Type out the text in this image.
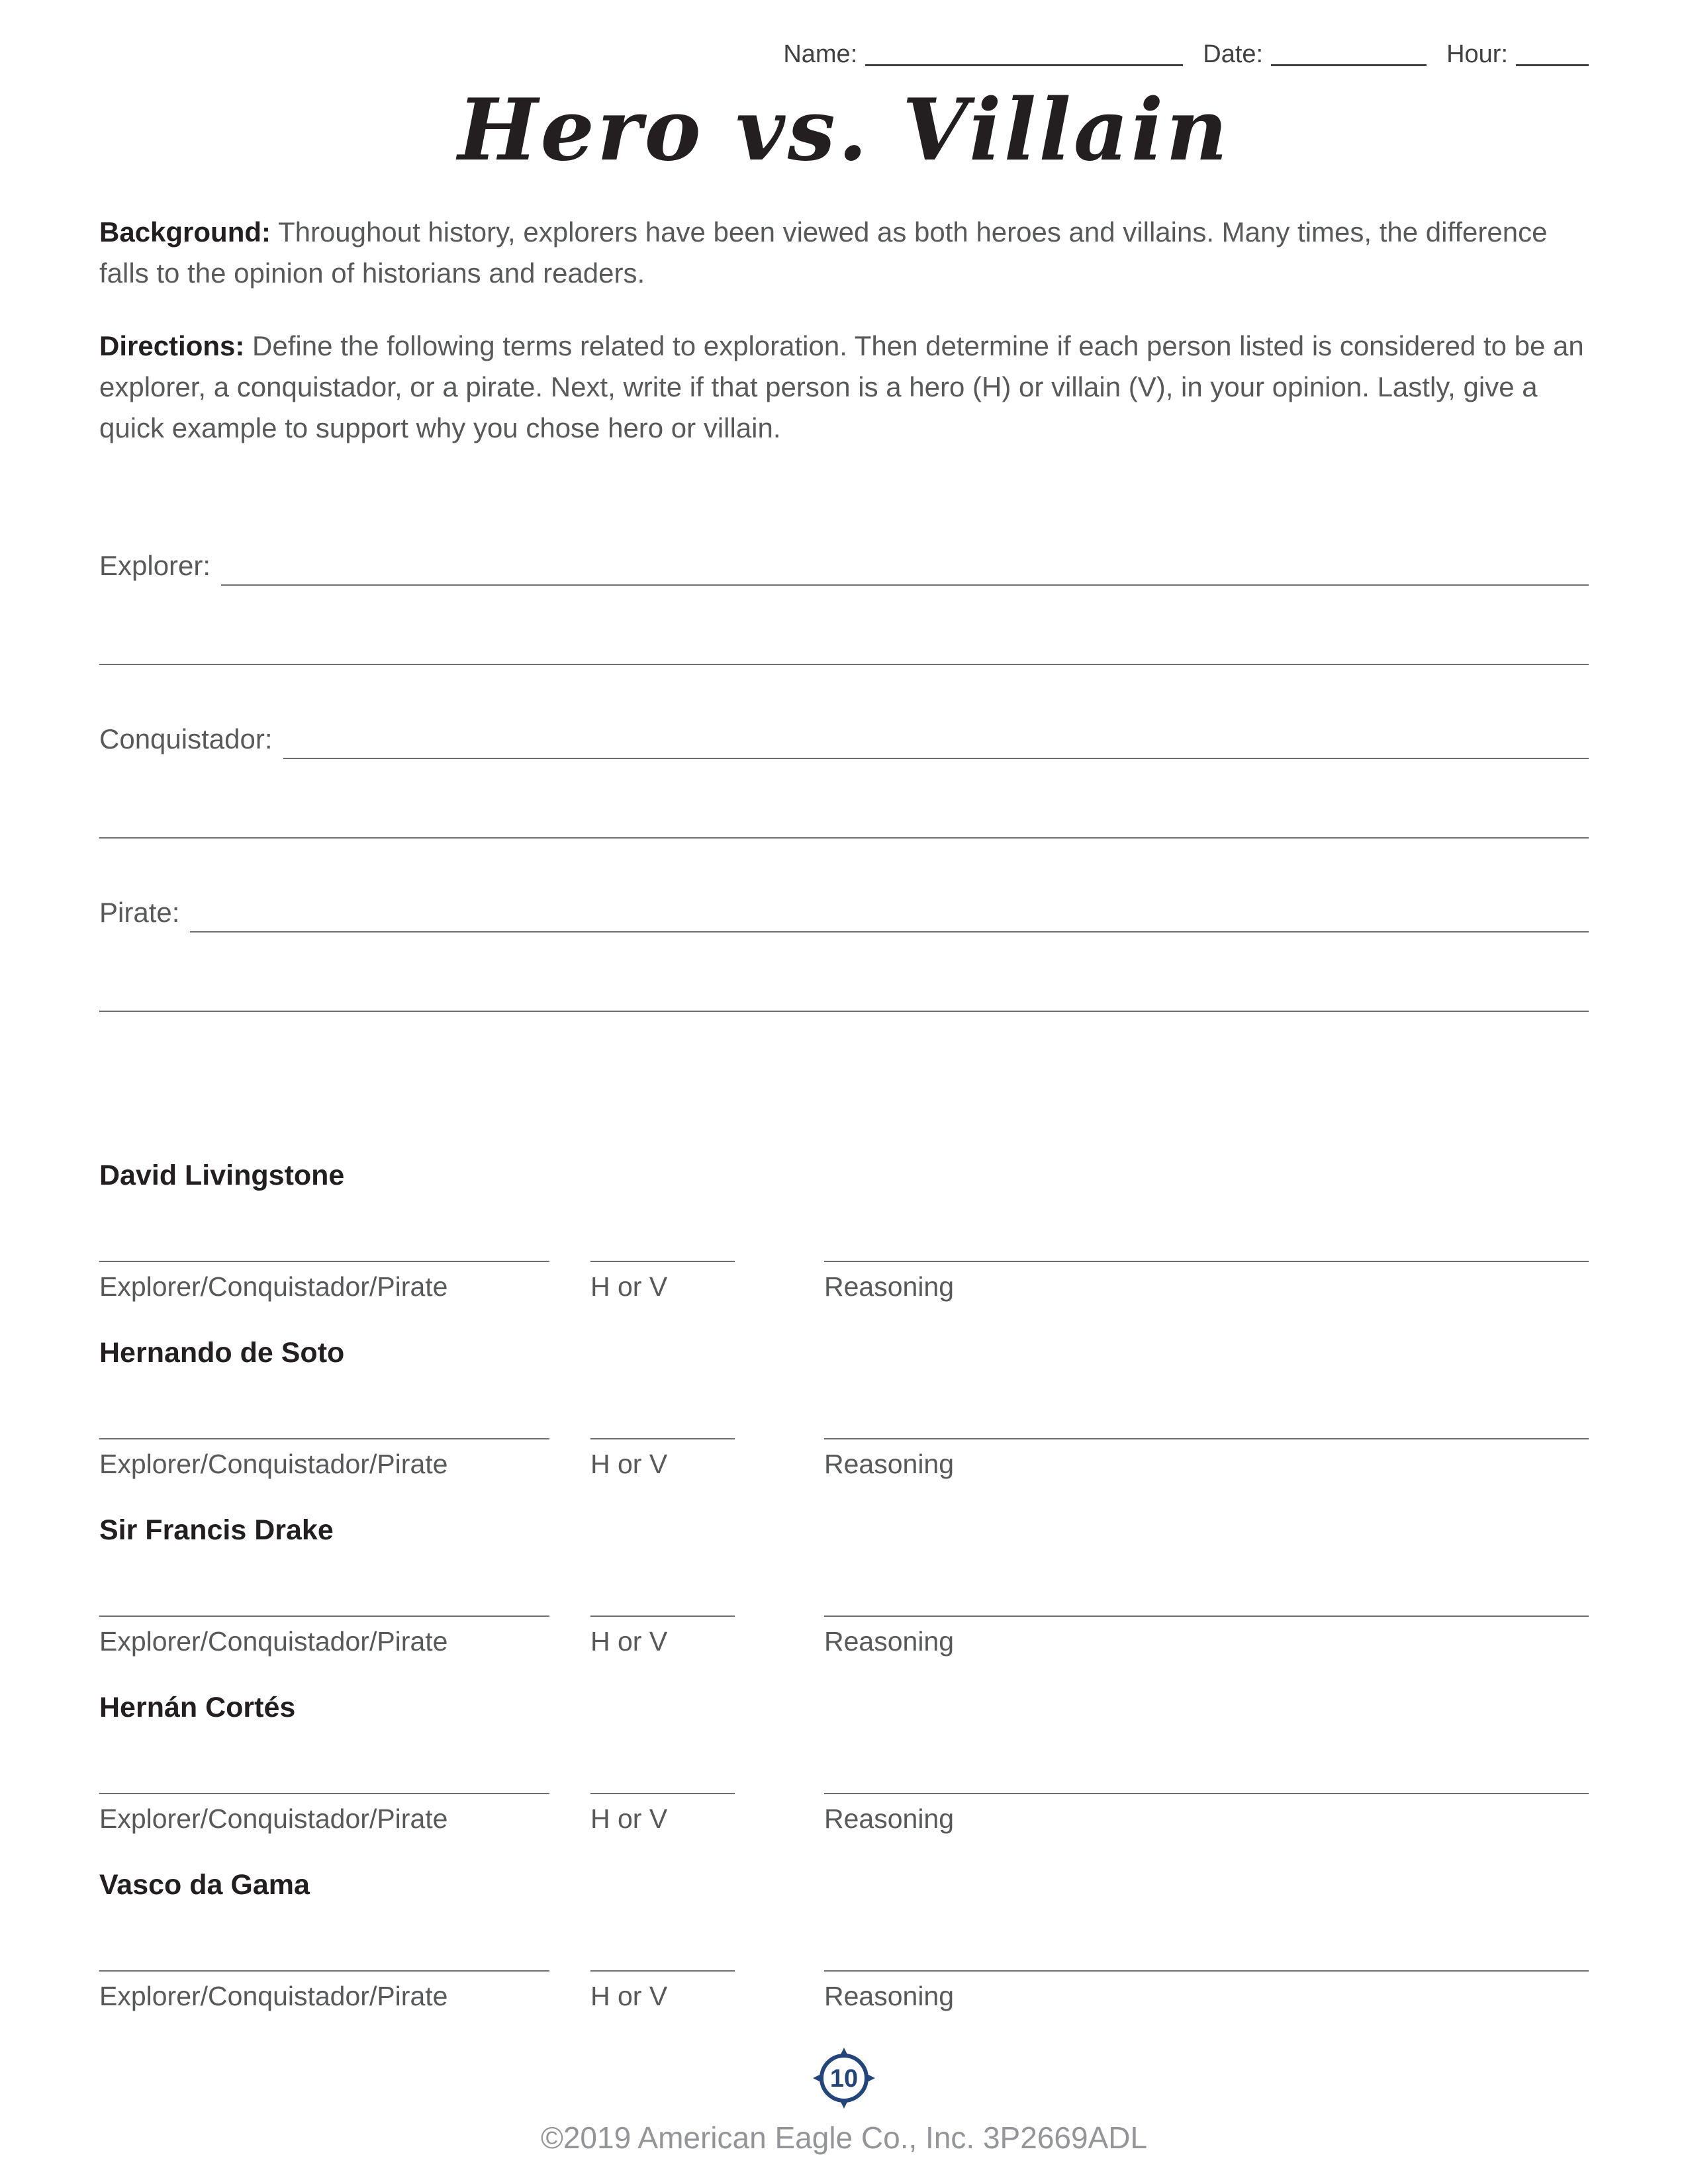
Name:	Date:	Hour:
Hero vs. Villain

Background: Throughout history, explorers have been viewed as both heroes and villains. Many times, the difference falls to the opinion of historians and readers.

Directions: Define the following terms related to exploration. Then determine if each person listed is considered to be an explorer, a conquistador, or a pirate. Next, write if that person is a hero (H) or villain (V), in your opinion. Lastly, give a quick example to support why you chose hero or villain.

Explorer:
Conquistador:
Pirate:
David Livingstone
Explorer/Conquistador/Pirate	H or V	Reasoning
Hernando de Soto
Explorer/Conquistador/Pirate	H or V	Reasoning
Sir Francis Drake
Explorer/Conquistador/Pirate	H or V	Reasoning
Hernán Cortés
Explorer/Conquistador/Pirate	H or V	Reasoning
Vasco da Gama
Explorer/Conquistador/Pirate	H or V	Reasoning
10
©2019 American Eagle Co., Inc. 3P2669ADL
